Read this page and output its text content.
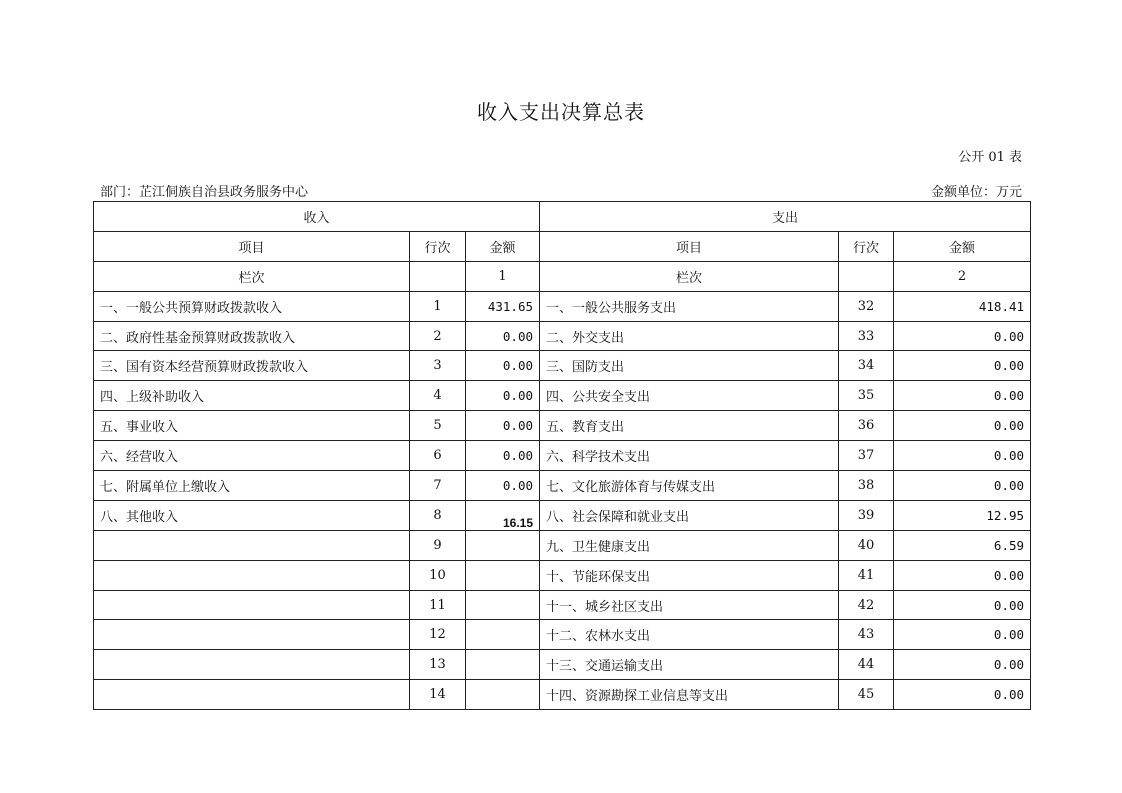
收入支出决算总表
公开 01 表
部门：芷江侗族自治县政务服务中心	金额单位：万元
收入			支出		
项目	行次	金额	项目	行次	金额
栏次		1	栏次		2
一、一般公共预算财政拨款收入	1	431.65	一、一般公共服务支出	32	418.41
二、政府性基金预算财政拨款收入	2	0.00	二、外交支出	33	0.00
三、国有资本经营预算财政拨款收入	3	0.00	三、国防支出	34	0.00
四、上级补助收入	4	0.00	四、公共安全支出	35	0.00
五、事业收入	5	0.00	五、教育支出	36	0.00
六、经营收入	6	0.00	六、科学技术支出	37	0.00
七、附属单位上缴收入	7	0.00	七、文化旅游体育与传媒支出	38	0.00
八、其他收入	8	16.15	八、社会保障和就业支出	39	12.95
	9		九、卫生健康支出	40	6.59
	10		十、节能环保支出	41	0.00
	11		十一、城乡社区支出	42	0.00
	12		十二、农林水支出	43	0.00
	13		十三、交通运输支出	44	0.00
	14		十四、资源勘探工业信息等支出	45	0.00
